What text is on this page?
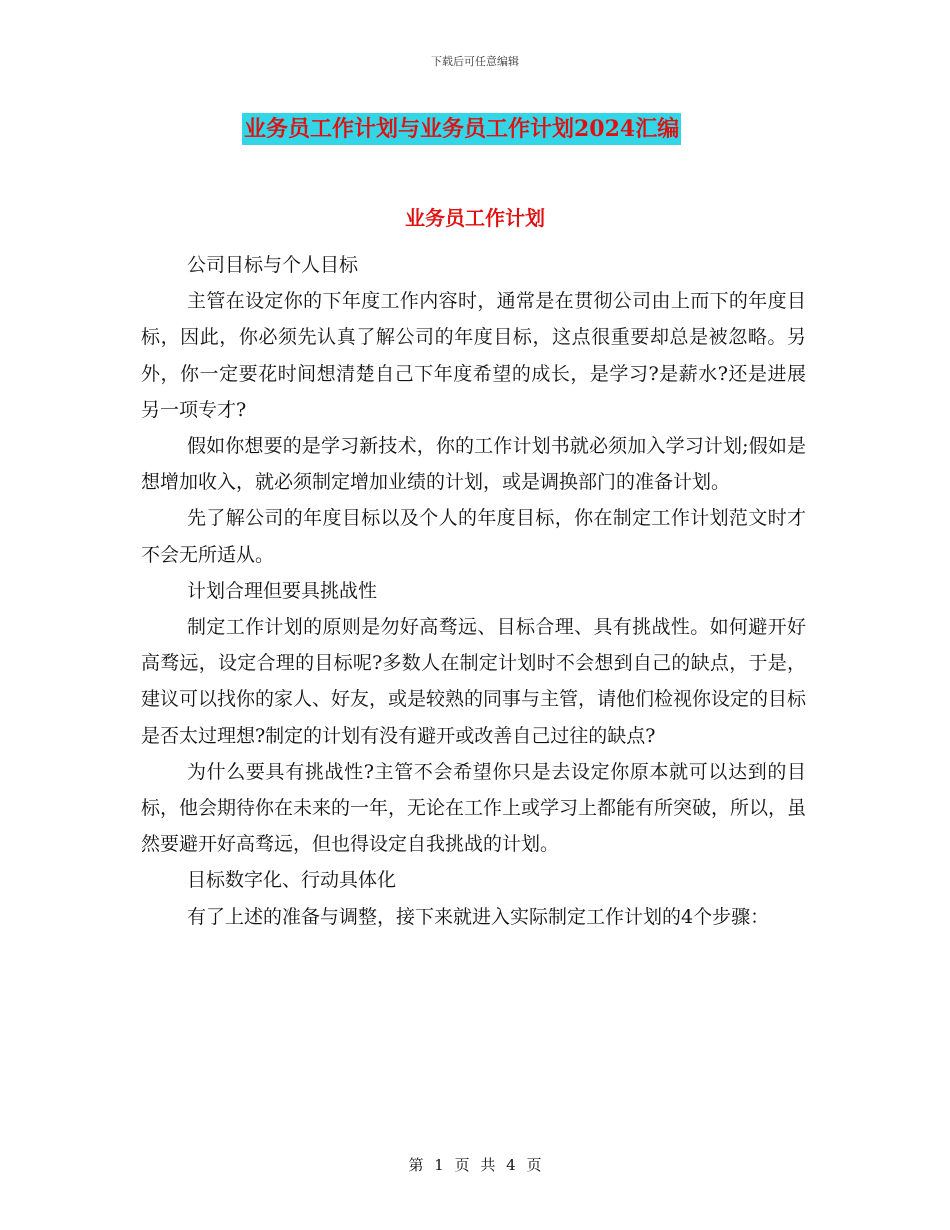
下载后可任意编辑
业务员工作计划与业务员工作计划2024汇编
业务员工作计划

公司目标与个人目标

主管在设定你的下年度工作内容时，通常是在贯彻公司由上而下的年度目标，因此，你必须先认真了解公司的年度目标，这点很重要却总是被忽略。另外，你一定要花时间想清楚自己下年度希望的成长，是学习?是薪水?还是进展另一项专才?

假如你想要的是学习新技术，你的工作计划书就必须加入学习计划;假如是想增加收入，就必须制定增加业绩的计划，或是调换部门的准备计划。

先了解公司的年度目标以及个人的年度目标，你在制定工作计划范文时才不会无所适从。

计划合理但要具挑战性

制定工作计划的原则是勿好高骛远、目标合理、具有挑战性。如何避开好高骛远，设定合理的目标呢?多数人在制定计划时不会想到自己的缺点，于是，建议可以找你的家人、好友，或是较熟的同事与主管，请他们检视你设定的目标是否太过理想?制定的计划有没有避开或改善自己过往的缺点?

为什么要具有挑战性?主管不会希望你只是去设定你原本就可以达到的目标，他会期待你在未来的一年，无论在工作上或学习上都能有所突破，所以，虽然要避开好高骛远，但也得设定自我挑战的计划。

目标数字化、行动具体化

有了上述的准备与调整，接下来就进入实际制定工作计划的4个步骤：

第 1 页 共 4 页
